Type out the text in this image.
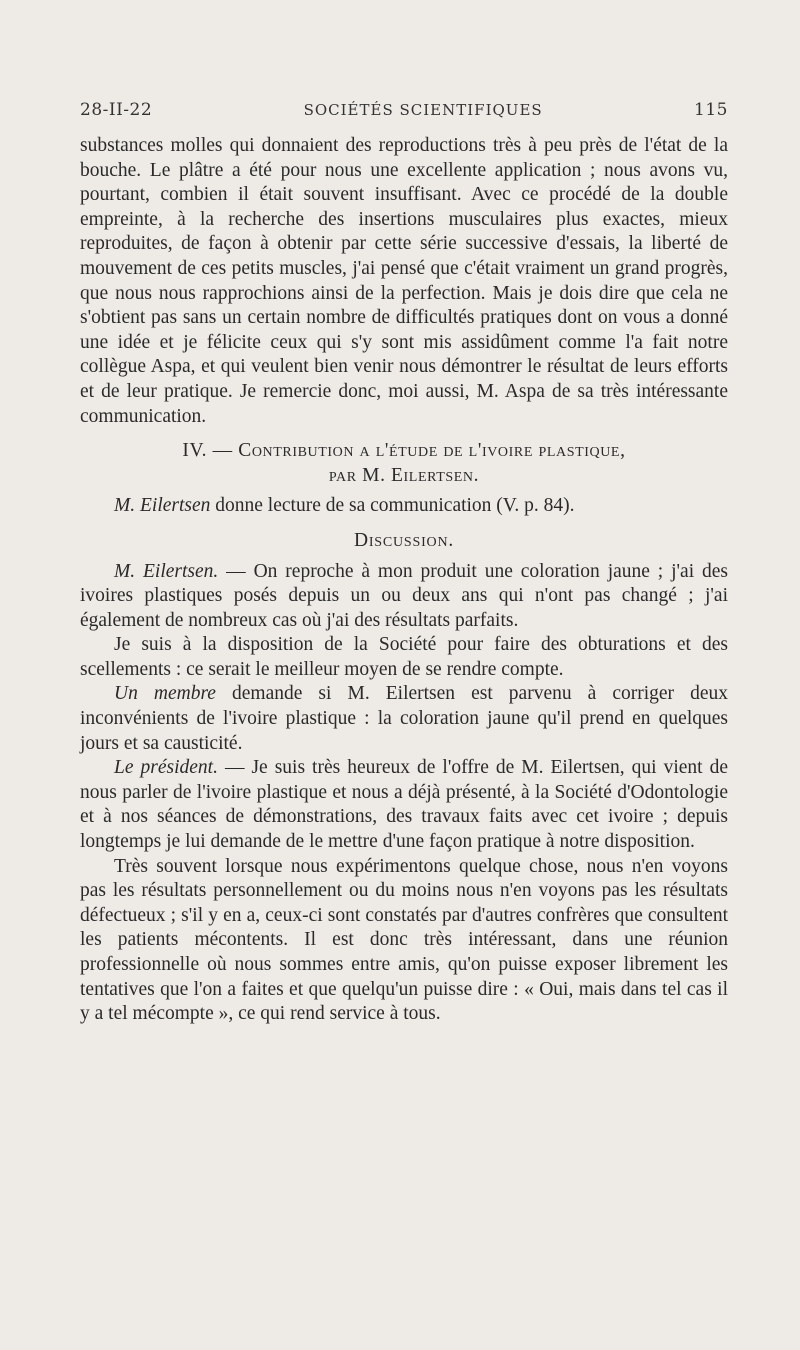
28-II-22	SOCIÉTÉS SCIENTIFIQUES	115

substances molles qui donnaient des reproductions très à peu près de l'état de la bouche. Le plâtre a été pour nous une excellente application ; nous avons vu, pourtant, combien il était souvent insuffisant. Avec ce procédé de la double empreinte, à la recherche des insertions musculaires plus exactes, mieux reproduites, de façon à obtenir par cette série successive d'essais, la liberté de mouvement de ces petits muscles, j'ai pensé que c'était vraiment un grand progrès, que nous nous rapprochions ainsi de la perfection. Mais je dois dire que cela ne s'obtient pas sans un certain nombre de difficultés pratiques dont on vous a donné une idée et je félicite ceux qui s'y sont mis assidûment comme l'a fait notre collègue Aspa, et qui veulent bien venir nous démontrer le résultat de leurs efforts et de leur pratique. Je remercie donc, moi aussi, M. Aspa de sa très intéressante communication.

IV. — Contribution a l'étude de l'ivoire plastique,
par M. Eilertsen.

M. Eilertsen donne lecture de sa communication (V. p. 84).

Discussion.

M. Eilertsen. — On reproche à mon produit une coloration jaune ; j'ai des ivoires plastiques posés depuis un ou deux ans qui n'ont pas changé ; j'ai également de nombreux cas où j'ai des résultats parfaits.

Je suis à la disposition de la Société pour faire des obturations et des scellements : ce serait le meilleur moyen de se rendre compte.

Un membre demande si M. Eilertsen est parvenu à corriger deux inconvénients de l'ivoire plastique : la coloration jaune qu'il prend en quelques jours et sa causticité.

Le président. — Je suis très heureux de l'offre de M. Eilertsen, qui vient de nous parler de l'ivoire plastique et nous a déjà présenté, à la Société d'Odontologie et à nos séances de démonstrations, des travaux faits avec cet ivoire ; depuis longtemps je lui demande de le mettre d'une façon pratique à notre disposition.

Très souvent lorsque nous expérimentons quelque chose, nous n'en voyons pas les résultats personnellement ou du moins nous n'en voyons pas les résultats défectueux ; s'il y en a, ceux-ci sont constatés par d'autres confrères que consultent les patients mécontents. Il est donc très intéressant, dans une réunion professionnelle où nous sommes entre amis, qu'on puisse exposer librement les tentatives que l'on a faites et que quelqu'un puisse dire : « Oui, mais dans tel cas il y a tel mécompte », ce qui rend service à tous.
